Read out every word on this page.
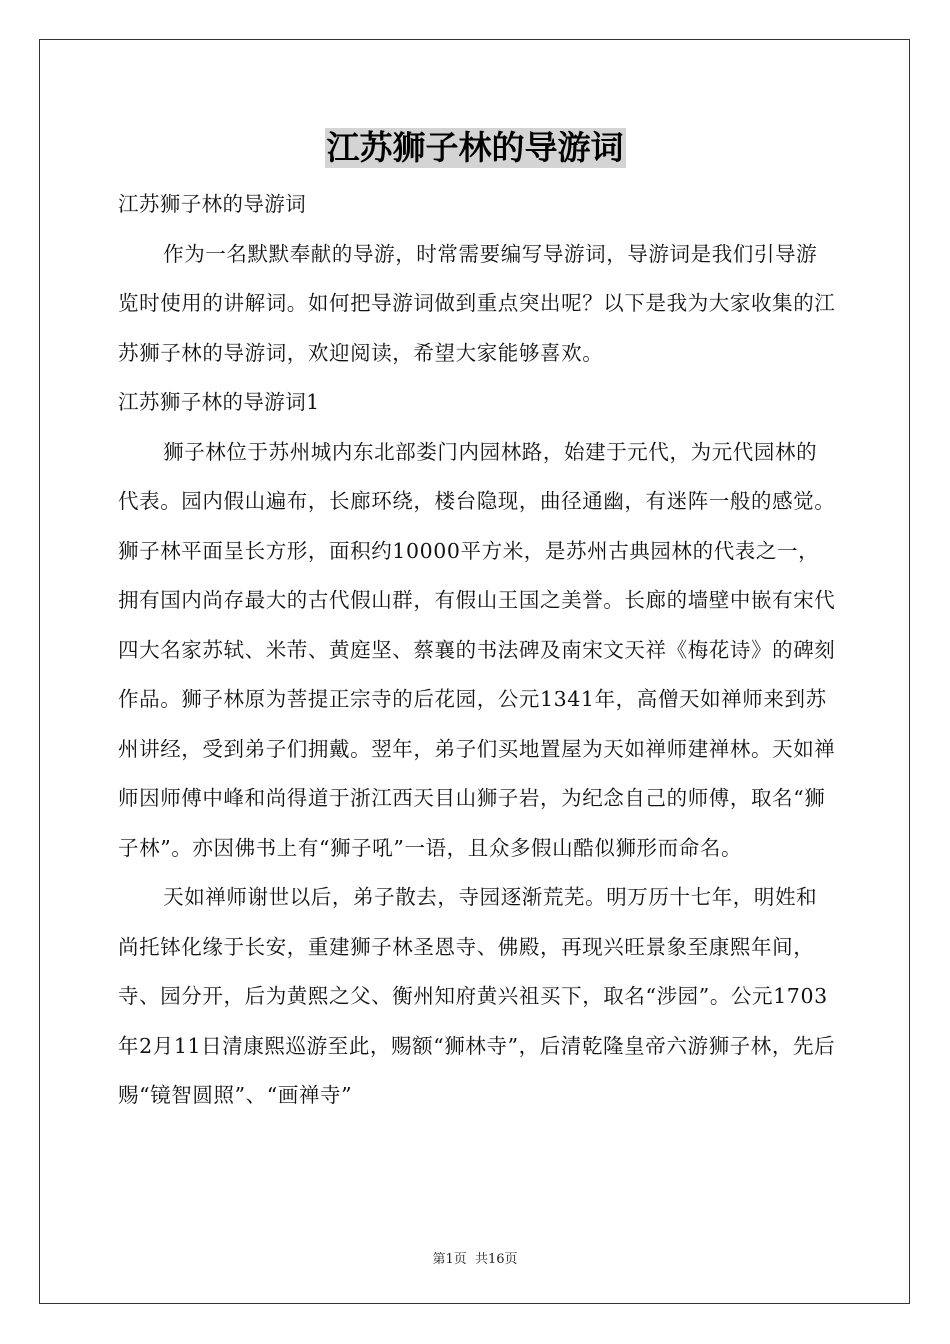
江苏狮子林的导游词

江苏狮子林的导游词

作为一名默默奉献的导游，时常需要编写导游词，导游词是我们引导游览时使用的讲解词。如何把导游词做到重点突出呢？以下是我为大家收集的江苏狮子林的导游词，欢迎阅读，希望大家能够喜欢。

江苏狮子林的导游词1

狮子林位于苏州城内东北部娄门内园林路，始建于元代，为元代园林的代表。园内假山遍布，长廊环绕，楼台隐现，曲径通幽，有迷阵一般的感觉。狮子林平面呈长方形，面积约10000平方米，是苏州古典园林的代表之一，拥有国内尚存最大的古代假山群，有假山王国之美誉。长廊的墙壁中嵌有宋代四大名家苏轼、米芾、黄庭坚、蔡襄的书法碑及南宋文天祥《梅花诗》的碑刻作品。狮子林原为菩提正宗寺的后花园，公元1341年，高僧天如禅师来到苏州讲经，受到弟子们拥戴。翌年，弟子们买地置屋为天如禅师建禅林。天如禅师因师傅中峰和尚得道于浙江西天目山狮子岩，为纪念自己的师傅，取名“狮子林”。亦因佛书上有“狮子吼”一语，且众多假山酷似狮形而命名。

天如禅师谢世以后，弟子散去，寺园逐渐荒芜。明万历十七年，明姓和尚托钵化缘于长安，重建狮子林圣恩寺、佛殿，再现兴旺景象至康熙年间，寺、园分开，后为黄熙之父、衡州知府黄兴祖买下，取名“涉园”。公元1703年2月11日清康熙巡游至此，赐额“狮林寺”，后清乾隆皇帝六游狮子林，先后赐“镜智圆照”、“画禅寺”

第1页 共16页
